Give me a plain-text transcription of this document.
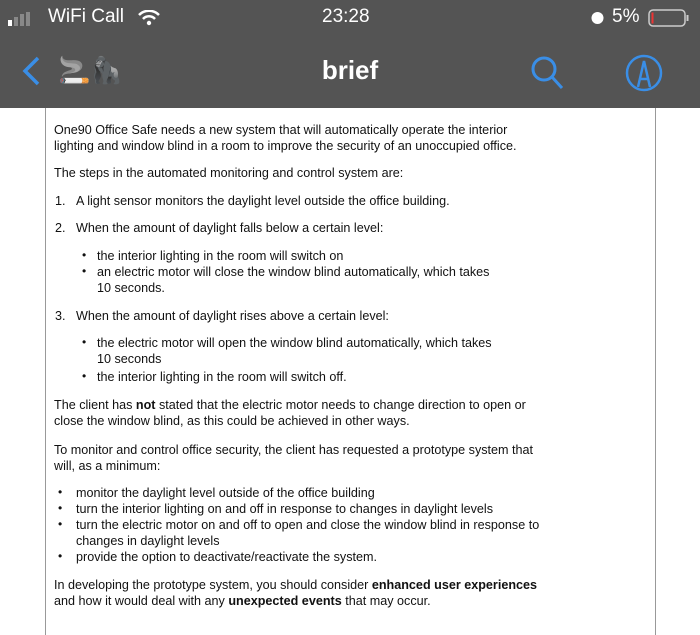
WiFi Call	23:28	5%
🚬🦍	brief
One90 Office Safe needs a new system that will automatically operate the interior
lighting and window blind in a room to improve the security of an unoccupied office.
The steps in the automated monitoring and control system are:
1. A light sensor monitors the daylight level outside the office building.
2. When the amount of daylight falls below a certain level:
• the interior lighting in the room will switch on
• an electric motor will close the window blind automatically, which takes
10 seconds.
3. When the amount of daylight rises above a certain level:
• the electric motor will open the window blind automatically, which takes
10 seconds
• the interior lighting in the room will switch off.
The client has not stated that the electric motor needs to change direction to open or
close the window blind, as this could be achieved in other ways.
To monitor and control office security, the client has requested a prototype system that
will, as a minimum:
• monitor the daylight level outside of the office building
• turn the interior lighting on and off in response to changes in daylight levels
• turn the electric motor on and off to open and close the window blind in response to
changes in daylight levels
• provide the option to deactivate/reactivate the system.
In developing the prototype system, you should consider enhanced user experiences
and how it would deal with any unexpected events that may occur.
